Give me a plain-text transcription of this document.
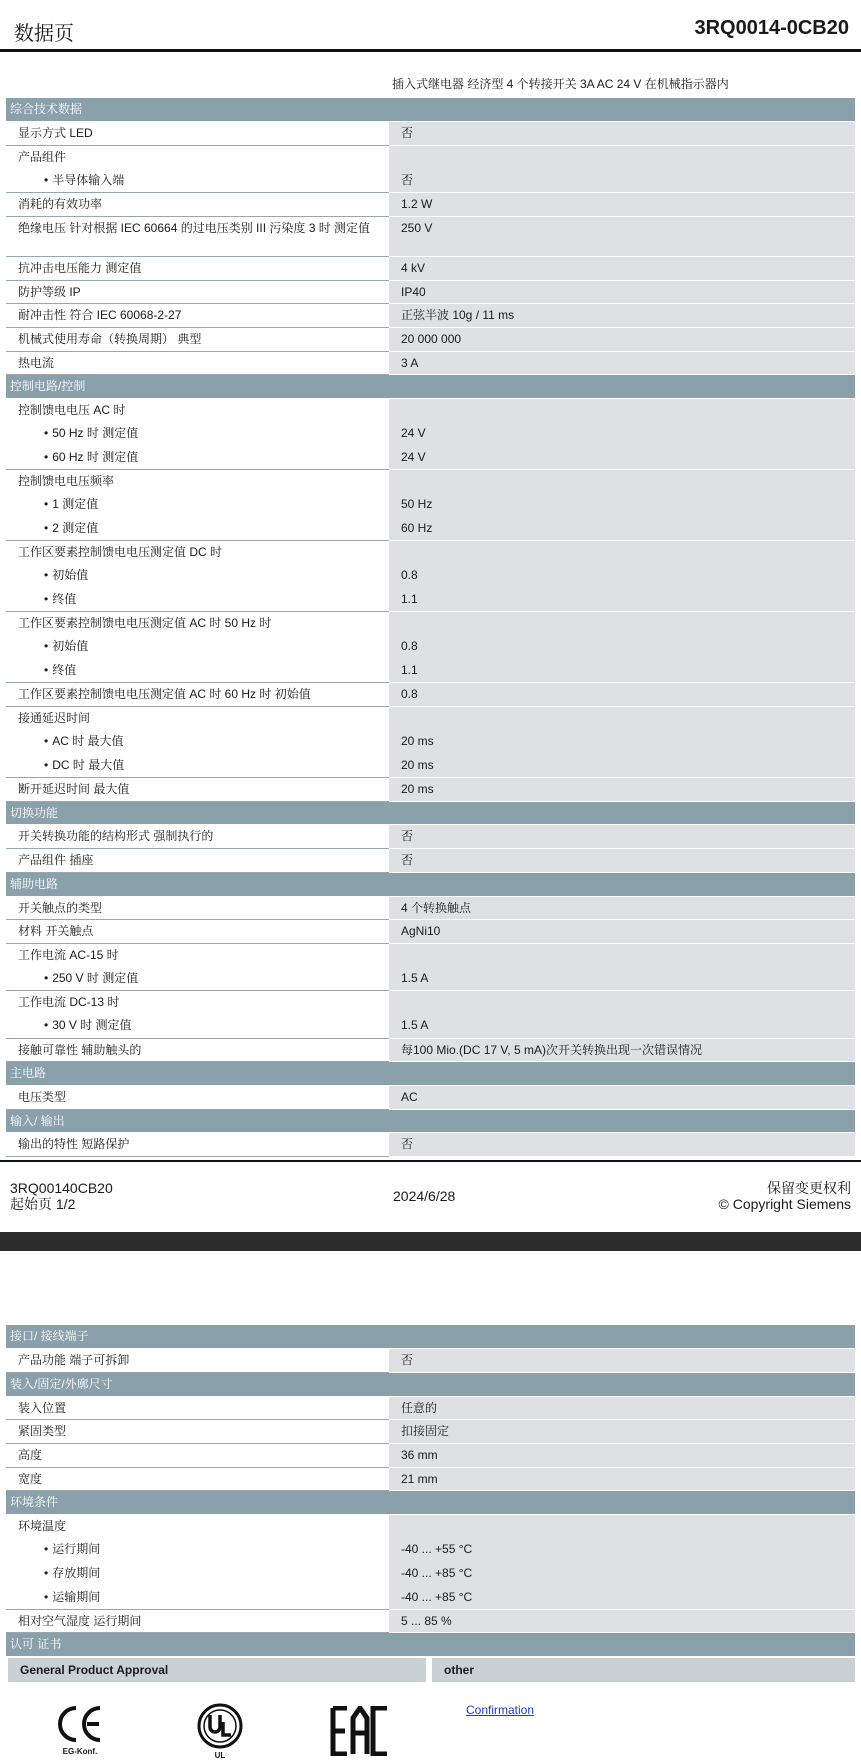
数据页	3RQ0014-0CB20
插入式继电器 经济型 4 个转接开关 3A AC 24 V 在机械指示器内
综合技术数据	
显示方式 LED	否
产品组件	
• 半导体输入端	否
消耗的有效功率	1.2 W
绝缘电压 针对根据 IEC 60664 的过电压类别 III 污染度 3 时 测定值	250 V
抗冲击电压能力 测定值	4 kV
防护等级 IP	IP40
耐冲击性 符合 IEC 60068-2-27	正弦半波 10g / 11 ms
机械式使用寿命（转换周期） 典型	20 000 000
热电流	3 A
控制电路/控制	
控制馈电电压 AC 时	
• 50 Hz 时 测定值	24 V
• 60 Hz 时 测定值	24 V
控制馈电电压频率	
• 1 测定值	50 Hz
• 2 测定值	60 Hz
工作区要素控制馈电电压测定值 DC 时	
• 初始值	0.8
• 终值	1.1
工作区要素控制馈电电压测定值 AC 时 50 Hz 时	
• 初始值	0.8
• 终值	1.1
工作区要素控制馈电电压测定值 AC 时 60 Hz 时 初始值	0.8
接通延迟时间	
• AC 时 最大值	20 ms
• DC 时 最大值	20 ms
断开延迟时间 最大值	20 ms
切换功能	
开关转换功能的结构形式 强制执行的	否
产品组件 插座	否
辅助电路	
开关触点的类型	4 个转换触点
材料 开关触点	AgNi10
工作电流 AC-15 时	
• 250 V 时 测定值	1.5 A
工作电流 DC-13 时	
• 30 V 时 测定值	1.5 A
接触可靠性 辅助触头的	每100 Mio.(DC 17 V, 5 mA)次开关转换出现一次错误情况
主电路	
电压类型	AC
输入/ 输出	
输出的特性 短路保护	否
3RQ00140CB20
起始页 1/2	2024/6/28	保留变更权利
© Copyright Siemens
接口/ 接线端子	
产品功能 端子可拆卸	否
装入/固定/外廓尺寸	
装入位置	任意的
紧固类型	扣接固定
高度	36 mm
宽度	21 mm
环境条件	
环境温度	
• 运行期间	-40 ... +55 °C
• 存放期间	-40 ... +85 °C
• 运输期间	-40 ... +85 °C
相对空气湿度 运行期间	5 ... 85 %
认可 证书	
General Product Approval		other
EG-Konf.	UL
Confirmation
